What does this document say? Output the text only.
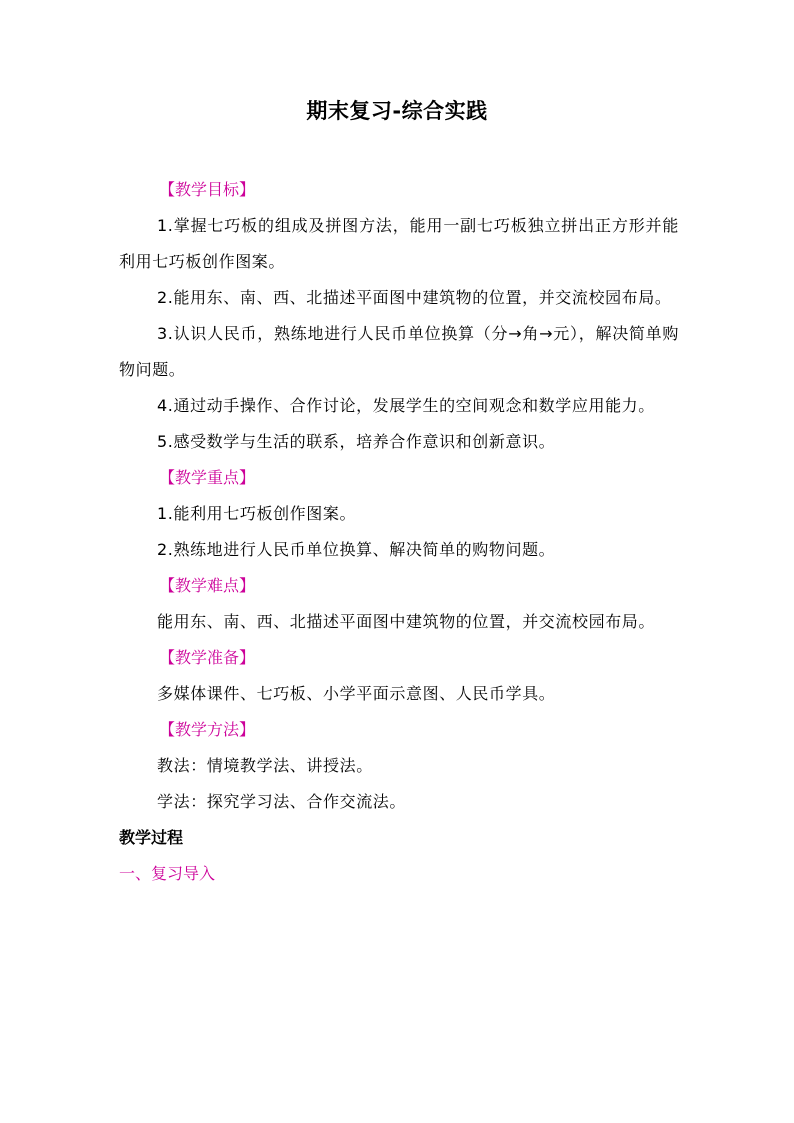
期末复习-综合实践

【教学目标】

1.掌握七巧板的组成及拼图方法，能用一副七巧板独立拼出正方形并能利用七巧板创作图案。

2.能用东、南、西、北描述平面图中建筑物的位置，并交流校园布局。

3.认识人民币，熟练地进行人民币单位换算（分→角→元），解决简单购物问题。

4.通过动手操作、合作讨论，发展学生的空间观念和数学应用能力。

5.感受数学与生活的联系，培养合作意识和创新意识。

【教学重点】

1.能利用七巧板创作图案。

2.熟练地进行人民币单位换算、解决简单的购物问题。

【教学难点】

能用东、南、西、北描述平面图中建筑物的位置，并交流校园布局。

【教学准备】

多媒体课件、七巧板、小学平面示意图、人民币学具。

【教学方法】

教法：情境教学法、讲授法。

学法：探究学习法、合作交流法。

教学过程

一、复习导入
